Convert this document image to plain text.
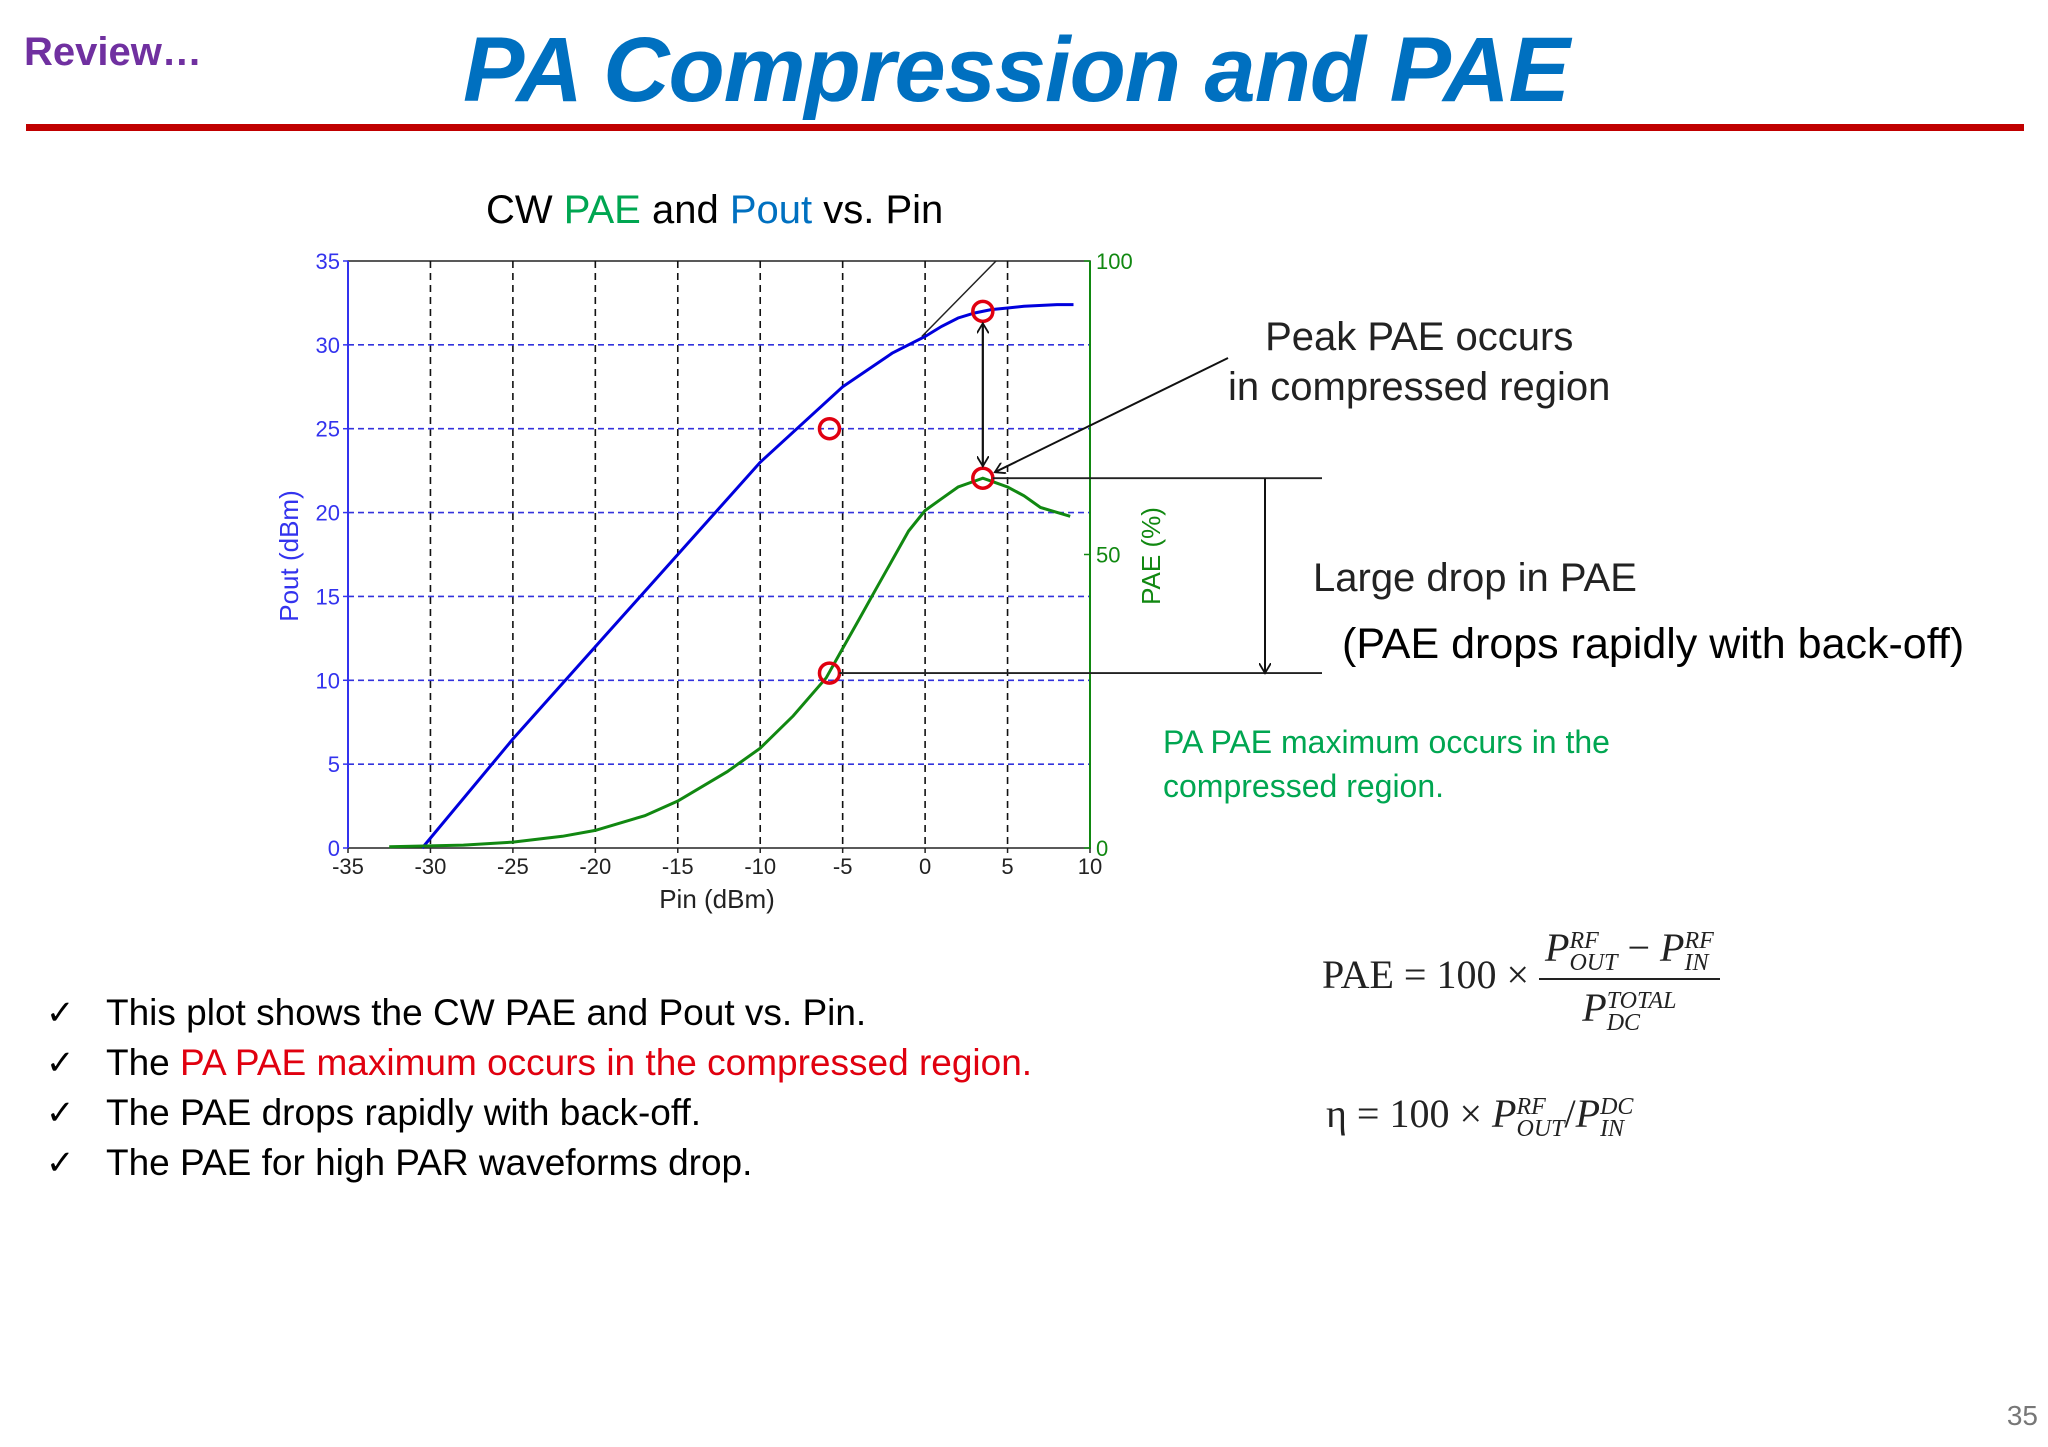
Review…	PA Compression and PAE
CW PAE and Pout vs. Pin
-35 -30 -25 -20 -15 -10	-5	0	5	10
0
5
10
15
20
25
30
35
0
50
100
Pin (dBm)
Pout (dBm)	PAE (%)
Peak PAE occurs
in compressed region
Large drop in PAE
(PAE drops rapidly with back-off)
PA PAE maximum occurs in the
compressed region.
✓ This plot shows the CW PAE and Pout vs. Pin.
✓ The PA PAE maximum occurs in the compressed region.
✓ The PAE drops rapidly with back-off.
✓ The PAE for high PAR waveforms drop.
PAE = 100 × P RF
OUT − P RF
IN
P TOTAL
DC
η = 100 × P RF
OUT /P DC
IN
35
